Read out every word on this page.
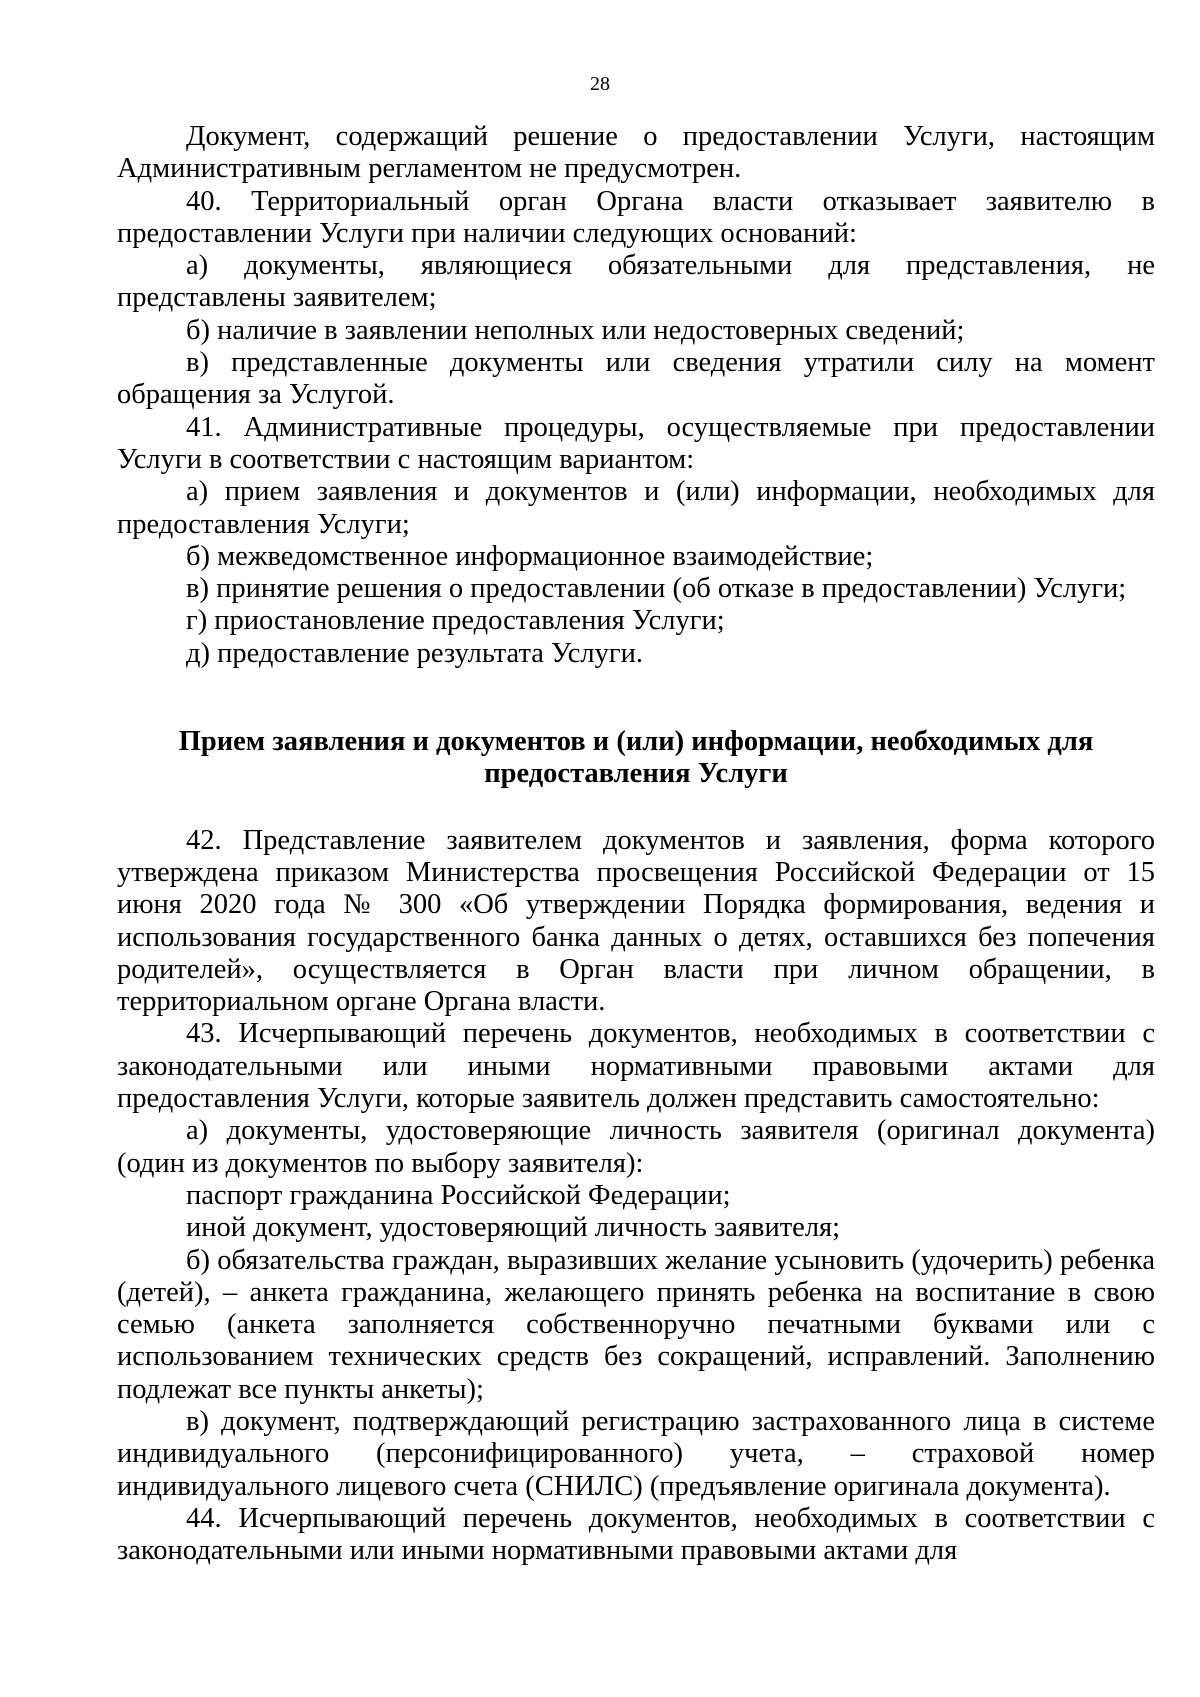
28

Документ, содержащий решение о предоставлении Услуги, настоящим Административным регламентом не предусмотрен.

40. Территориальный орган Органа власти отказывает заявителю в предоставлении Услуги при наличии следующих оснований:

а) документы, являющиеся обязательными для представления, не представлены заявителем;

б) наличие в заявлении неполных или недостоверных сведений;

в) представленные документы или сведения утратили силу на момент обращения за Услугой.

41. Административные процедуры, осуществляемые при предоставлении Услуги в соответствии с настоящим вариантом:

а) прием заявления и документов и (или) информации, необходимых для предоставления Услуги;

б) межведомственное информационное взаимодействие;

в) принятие решения о предоставлении (об отказе в предоставлении) Услуги;

г) приостановление предоставления Услуги;

д) предоставление результата Услуги.

Прием заявления и документов и (или) информации, необходимых для
предоставления Услуги

42. Представление заявителем документов и заявления, форма которого утверждена приказом Министерства просвещения Российской Федерации от 15 июня 2020 года № 300 «Об утверждении Порядка формирования, ведения и использования государственного банка данных о детях, оставшихся без попечения родителей», осуществляется в Орган власти при личном обращении, в территориальном органе Органа власти.

43. Исчерпывающий перечень документов, необходимых в соответствии с законодательными или иными нормативными правовыми актами для предоставления Услуги, которые заявитель должен представить самостоятельно:

а) документы, удостоверяющие личность заявителя (оригинал документа) (один из документов по выбору заявителя):

паспорт гражданина Российской Федерации;

иной документ, удостоверяющий личность заявителя;

б) обязательства граждан, выразивших желание усыновить (удочерить) ребенка (детей), – анкета гражданина, желающего принять ребенка на воспитание в свою семью (анкета заполняется собственноручно печатными буквами или с использованием технических средств без сокращений, исправлений. Заполнению подлежат все пункты анкеты);

в) документ, подтверждающий регистрацию застрахованного лица в системе индивидуального (персонифицированного) учета, – страховой номер индивидуального лицевого счета (СНИЛС) (предъявление оригинала документа).

44. Исчерпывающий перечень документов, необходимых в соответствии с законодательными или иными нормативными правовыми актами для
